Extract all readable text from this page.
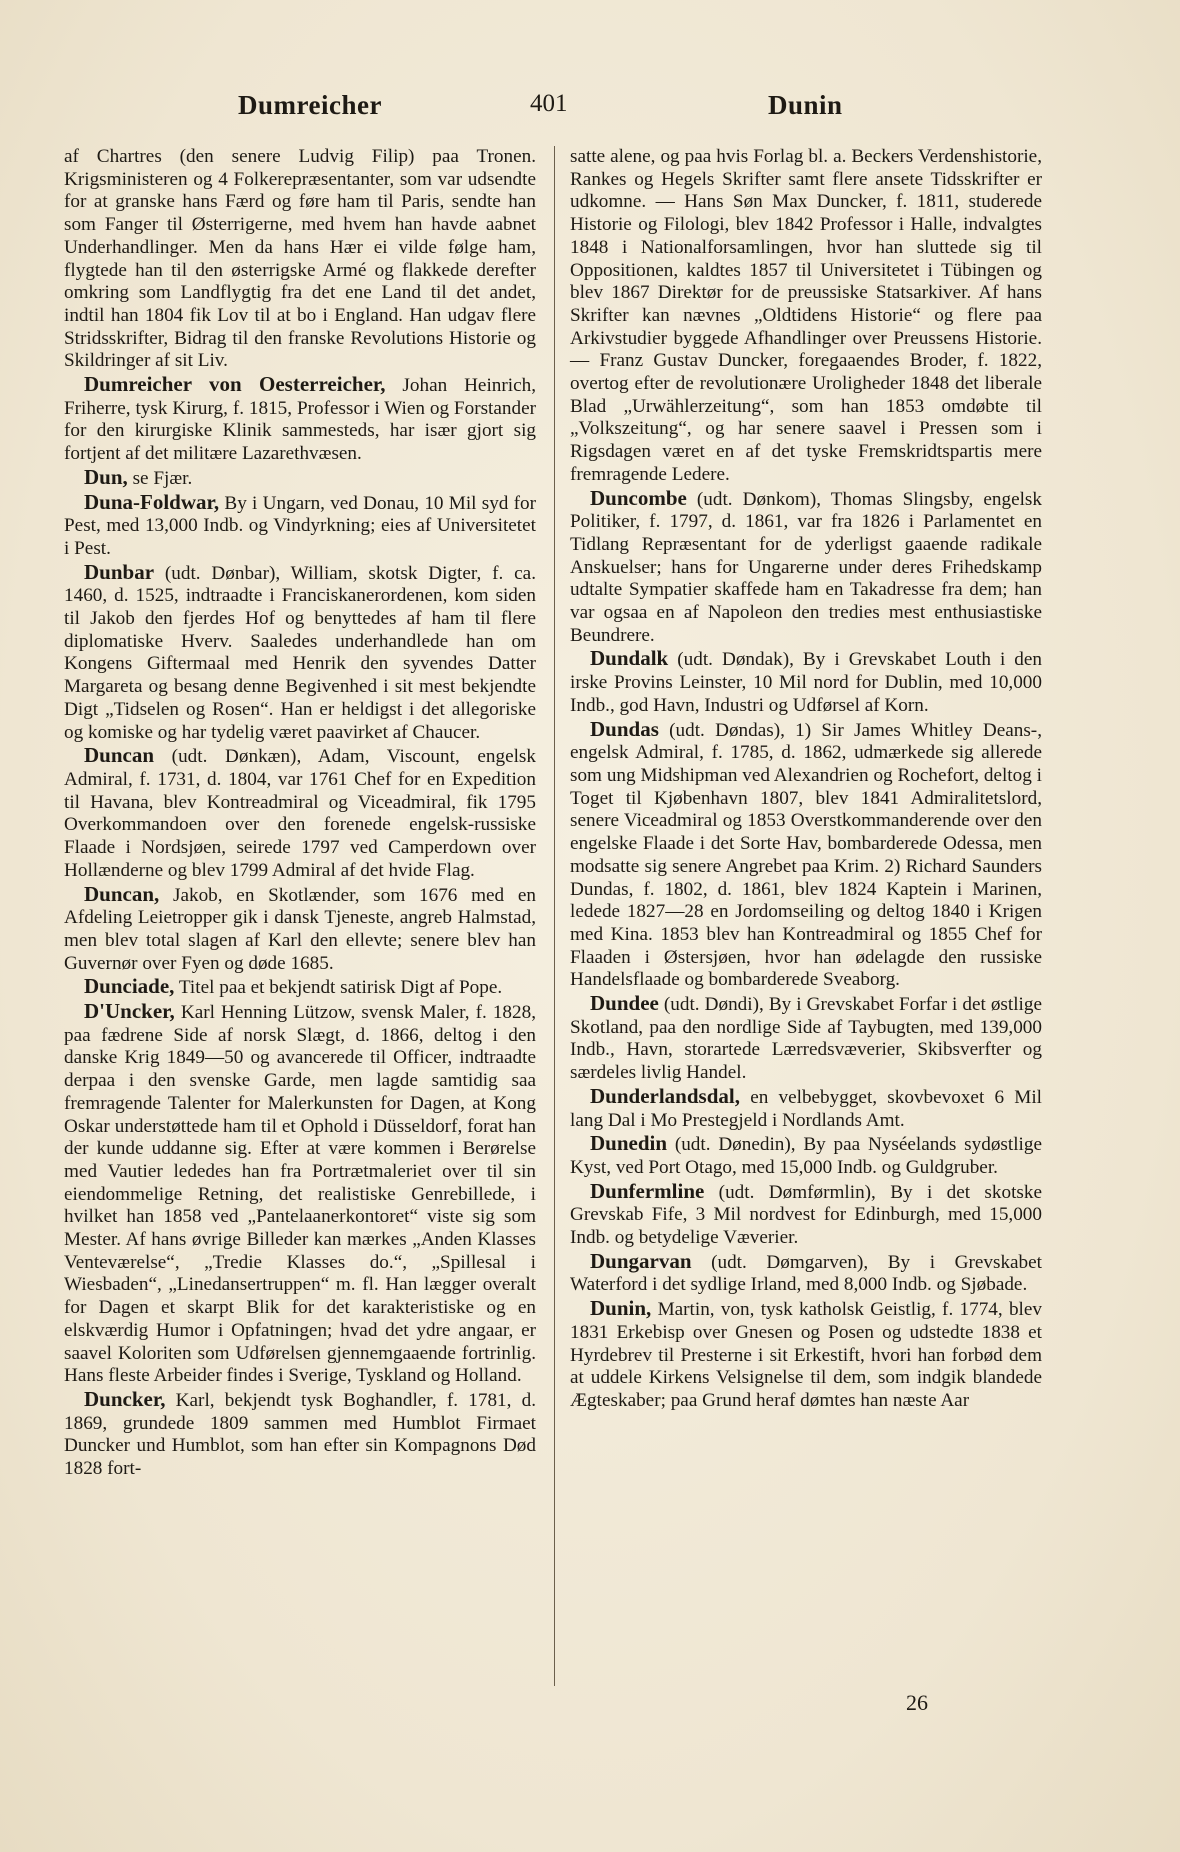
Dumreicher	401	Dunin

af Chartres (den senere Ludvig Filip) paa Tronen. Krigsministeren og 4 Folkerepræsentanter, som var udsendte for at granske hans Færd og føre ham til Paris, sendte han som Fanger til Østerrigerne, med hvem han havde aabnet Underhandlinger. Men da hans Hær ei vilde følge ham, flygtede han til den østerrigske Armé og flakkede derefter omkring som Landflygtig fra det ene Land til det andet, indtil han 1804 fik Lov til at bo i England. Han udgav flere Stridsskrifter, Bidrag til den franske Revolutions Historie og Skildringer af sit Liv.

Dumreicher von Oesterreicher, Johan Heinrich, Friherre, tysk Kirurg, f. 1815, Professor i Wien og Forstander for den kirurgiske Klinik sammesteds, har især gjort sig fortjent af det militære Lazarethvæsen.

Dun, se Fjær.

Duna-Foldwar, By i Ungarn, ved Donau, 10 Mil syd for Pest, med 13,000 Indb. og Vindyrkning; eies af Universitetet i Pest.

Dunbar (udt. Dønbar), William, skotsk Digter, f. ca. 1460, d. 1525, indtraadte i Franciskanerordenen, kom siden til Jakob den fjerdes Hof og benyttedes af ham til flere diplomatiske Hverv. Saaledes underhandlede han om Kongens Giftermaal med Henrik den syvendes Datter Margareta og besang denne Begivenhed i sit mest bekjendte Digt „Tidselen og Rosen“. Han er heldigst i det allegoriske og komiske og har tydelig været paavirket af Chaucer.

Duncan (udt. Dønkæn), Adam, Viscount, engelsk Admiral, f. 1731, d. 1804, var 1761 Chef for en Expedition til Havana, blev Kontreadmiral og Viceadmiral, fik 1795 Overkommandoen over den forenede engelsk-russiske Flaade i Nordsjøen, seirede 1797 ved Camperdown over Hollænderne og blev 1799 Admiral af det hvide Flag.

Duncan, Jakob, en Skotlænder, som 1676 med en Afdeling Leietropper gik i dansk Tjeneste, angreb Halmstad, men blev total slagen af Karl den ellevte; senere blev han Guvernør over Fyen og døde 1685.

Dunciade, Titel paa et bekjendt satirisk Digt af Pope.

D'Uncker, Karl Henning Lützow, svensk Maler, f. 1828, paa fædrene Side af norsk Slægt, d. 1866, deltog i den danske Krig 1849—50 og avancerede til Officer, indtraadte derpaa i den svenske Garde, men lagde samtidig saa fremragende Talenter for Malerkunsten for Dagen, at Kong Oskar understøttede ham til et Ophold i Düsseldorf, forat han der kunde uddanne sig. Efter at være kommen i Berørelse med Vautier lededes han fra Portrætmaleriet over til sin eiendommelige Retning, det realistiske Genrebillede, i hvilket han 1858 ved „Pantelaanerkontoret“ viste sig som Mester. Af hans øvrige Billeder kan mærkes „Anden Klasses Venteværelse“, „Tredie Klasses do.“, „Spillesal i Wiesbaden“, „Linedansertruppen“ m. fl. Han lægger overalt for Dagen et skarpt Blik for det karakteristiske og en elskværdig Humor i Opfatningen; hvad det ydre angaar, er saavel Koloriten som Udførelsen gjennemgaaende fortrinlig. Hans fleste Arbeider findes i Sverige, Tyskland og Holland.

Duncker, Karl, bekjendt tysk Boghandler, f. 1781, d. 1869, grundede 1809 sammen med Humblot Firmaet Duncker und Humblot, som han efter sin Kompagnons Død 1828 fort-

satte alene, og paa hvis Forlag bl. a. Beckers Verdenshistorie, Rankes og Hegels Skrifter samt flere ansete Tidsskrifter er udkomne. — Hans Søn Max Duncker, f. 1811, studerede Historie og Filologi, blev 1842 Professor i Halle, indvalgtes 1848 i Nationalforsamlingen, hvor han sluttede sig til Oppositionen, kaldtes 1857 til Universitetet i Tübingen og blev 1867 Direktør for de preussiske Statsarkiver. Af hans Skrifter kan nævnes „Oldtidens Historie“ og flere paa Arkivstudier byggede Afhandlinger over Preussens Historie. — Franz Gustav Duncker, foregaaendes Broder, f. 1822, overtog efter de revolutionære Uroligheder 1848 det liberale Blad „Urwählerzeitung“, som han 1853 omdøbte til „Volkszeitung“, og har senere saavel i Pressen som i Rigsdagen været en af det tyske Fremskridtspartis mere fremragende Ledere.

Duncombe (udt. Dønkom), Thomas Slingsby, engelsk Politiker, f. 1797, d. 1861, var fra 1826 i Parlamentet en Tidlang Repræsentant for de yderligst gaaende radikale Anskuelser; hans for Ungarerne under deres Frihedskamp udtalte Sympatier skaffede ham en Takadresse fra dem; han var ogsaa en af Napoleon den tredies mest enthusiastiske Beundrere.

Dundalk (udt. Døndak), By i Grevskabet Louth i den irske Provins Leinster, 10 Mil nord for Dublin, med 10,000 Indb., god Havn, Industri og Udførsel af Korn.

Dundas (udt. Døndas), 1) Sir James Whitley Deans-, engelsk Admiral, f. 1785, d. 1862, udmærkede sig allerede som ung Midshipman ved Alexandrien og Rochefort, deltog i Toget til Kjøbenhavn 1807, blev 1841 Admiralitetslord, senere Viceadmiral og 1853 Overstkommanderende over den engelske Flaade i det Sorte Hav, bombarderede Odessa, men modsatte sig senere Angrebet paa Krim. 2) Richard Saunders Dundas, f. 1802, d. 1861, blev 1824 Kaptein i Marinen, ledede 1827—28 en Jordomseiling og deltog 1840 i Krigen med Kina. 1853 blev han Kontreadmiral og 1855 Chef for Flaaden i Østersjøen, hvor han ødelagde den russiske Handelsflaade og bombarderede Sveaborg.

Dundee (udt. Døndi), By i Grevskabet Forfar i det østlige Skotland, paa den nordlige Side af Taybugten, med 139,000 Indb., Havn, storartede Lærredsvæverier, Skibsverfter og særdeles livlig Handel.

Dunderlandsdal, en velbebygget, skovbevoxet 6 Mil lang Dal i Mo Prestegjeld i Nordlands Amt.

Dunedin (udt. Dønedin), By paa Nyséelands sydøstlige Kyst, ved Port Otago, med 15,000 Indb. og Guldgruber.

Dunfermline (udt. Dømførmlin), By i det skotske Grevskab Fife, 3 Mil nordvest for Edinburgh, med 15,000 Indb. og betydelige Væverier.

Dungarvan (udt. Dømgarven), By i Grevskabet Waterford i det sydlige Irland, med 8,000 Indb. og Sjøbade.

Dunin, Martin, von, tysk katholsk Geistlig, f. 1774, blev 1831 Erkebisp over Gnesen og Posen og udstedte 1838 et Hyrdebrev til Presterne i sit Erkestift, hvori han forbød dem at uddele Kirkens Velsignelse til dem, som indgik blandede Ægteskaber; paa Grund heraf dømtes han næste Aar

26
